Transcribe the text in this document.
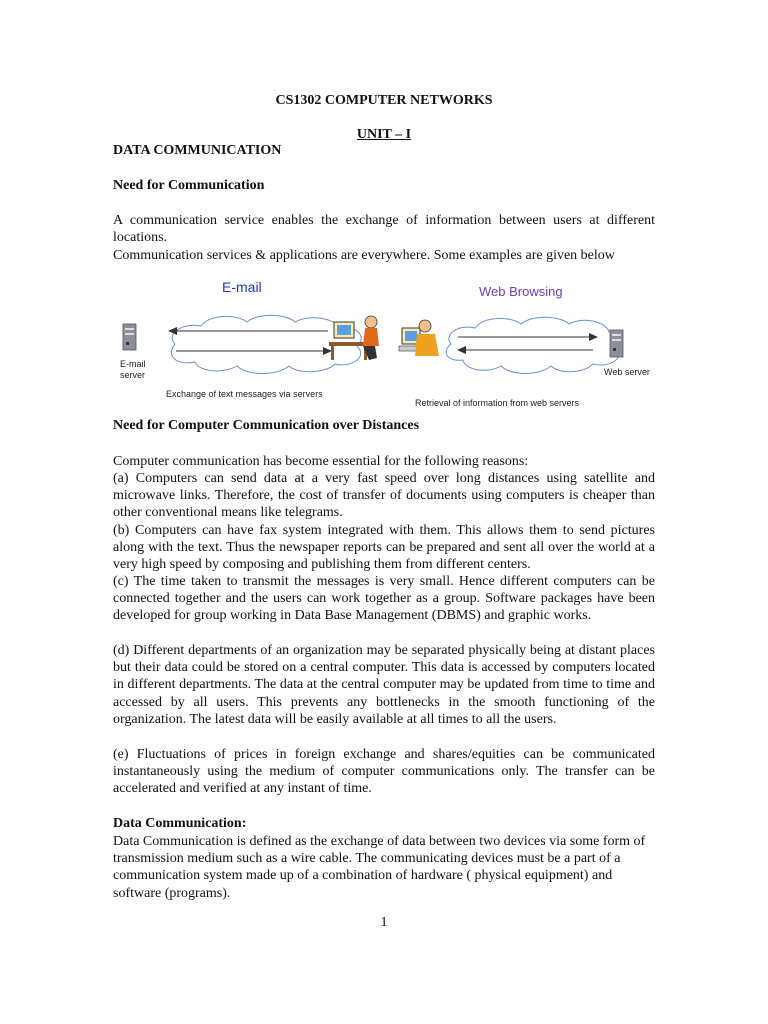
CS1302 COMPUTER NETWORKS
UNIT – I
DATA COMMUNICATION
Need for Communication
A communication service enables the exchange of information between users at different locations.
Communication services & applications are everywhere. Some examples are given below
E-mail	Web Browsing
E-mail
server	Web server
Exchange of text messages via servers
Retrieval of information from web servers
Need for Computer Communication over Distances
Computer communication has become essential for the following reasons:
(a) Computers can send data at a very fast speed over long distances using satellite and microwave links. Therefore, the cost of transfer of documents using computers is cheaper than other conventional means like telegrams.
(b) Computers can have fax system integrated with them. This allows them to send pictures along with the text. Thus the newspaper reports can be prepared and sent all over the world at a very high speed by composing and publishing them from different centers.
(c) The time taken to transmit the messages is very small. Hence different computers can be connected together and the users can work together as a group. Software packages have been developed for group working in Data Base Management (DBMS) and graphic works.
(d) Different departments of an organization may be separated physically being at distant places but their data could be stored on a central computer. This data is accessed by computers located in different departments. The data at the central computer may be updated from time to time and accessed by all users. This prevents any bottlenecks in the smooth functioning of the organization. The latest data will be easily available at all times to all the users.
(e) Fluctuations of prices in foreign exchange and shares/equities can be communicated instantaneously using the medium of computer communications only. The transfer can be accelerated and verified at any instant of time.
Data Communication:
Data Communication is defined as the exchange of data between two devices via some form of transmission medium such as a wire cable. The communicating devices must be a part of a communication system made up of a combination of hardware ( physical equipment) and software (programs).
1
